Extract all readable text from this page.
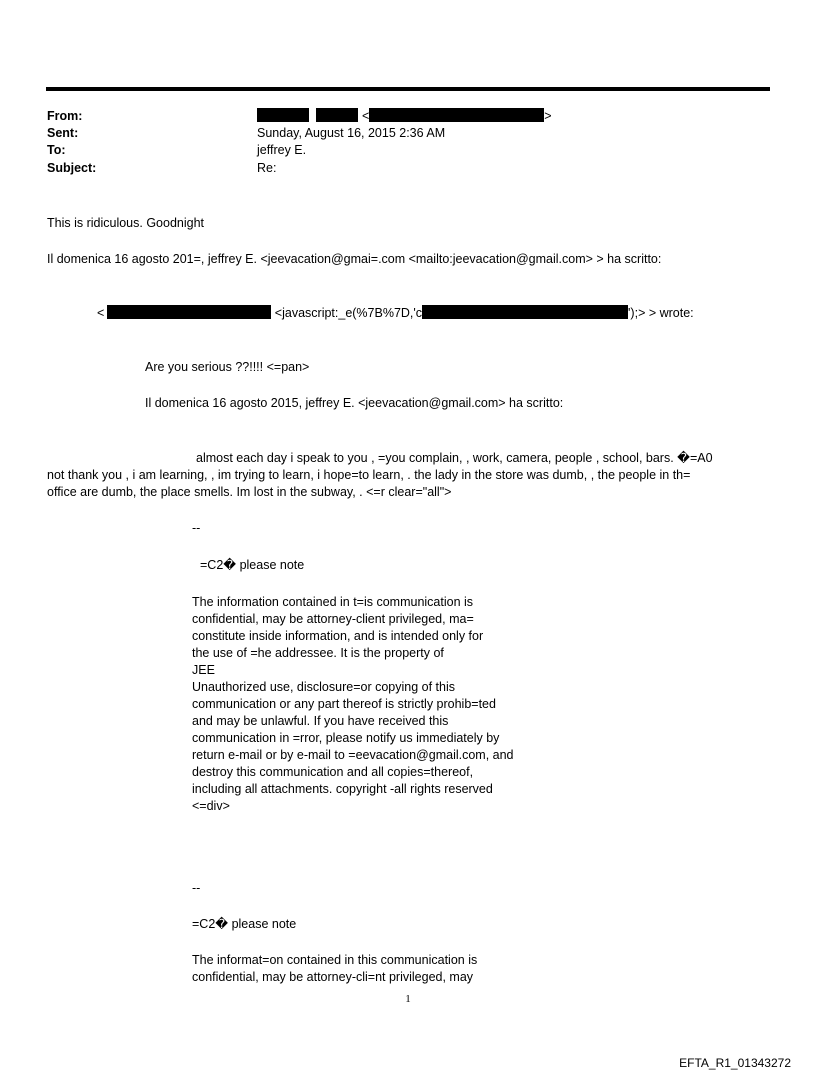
From:	<	>
Sent:	Sunday, August 16, 2015 2:36 AM
To:	jeffrey E.
Subject:	Re:
This is ridiculous. Goodnight
Il domenica 16 agosto 201=, jeffrey E. <jeevacation@gmai=.com <mailto:jeevacation@gmail.com> > ha scritto:
<	<javascript:_e(%7B%7D,'c	');> > wrote:
Are you serious ??!!!! <=pan>
Il domenica 16 agosto 2015, jeffrey E. <jeevacation@gmail.com> ha scritto:
almost each day i speak to you , =you complain, , work, camera, people , school, bars. �=A0
not thank you , i am learning, , im trying to learn, i hope=to learn, . the lady in the store was dumb, , the people in th=
office are dumb, the place smells. Im lost in the subway, . <=r clear="all">
--
=C2� please note
The information contained in t=is communication is
confidential, may be attorney-client privileged, ma=
constitute inside information, and is intended only for
the use of =he addressee. It is the property of
JEE
Unauthorized use, disclosure=or copying of this
communication or any part thereof is strictly prohib=ted
and may be unlawful. If you have received this
communication in =rror, please notify us immediately by
return e-mail or by e-mail to =eevacation@gmail.com, and
destroy this communication and all copies=thereof,
including all attachments. copyright -all rights reserved
<=div>
--
=C2� please note
The informat=on contained in this communication is
confidential, may be attorney-cli=nt privileged, may
1
EFTA_R1_01343272
